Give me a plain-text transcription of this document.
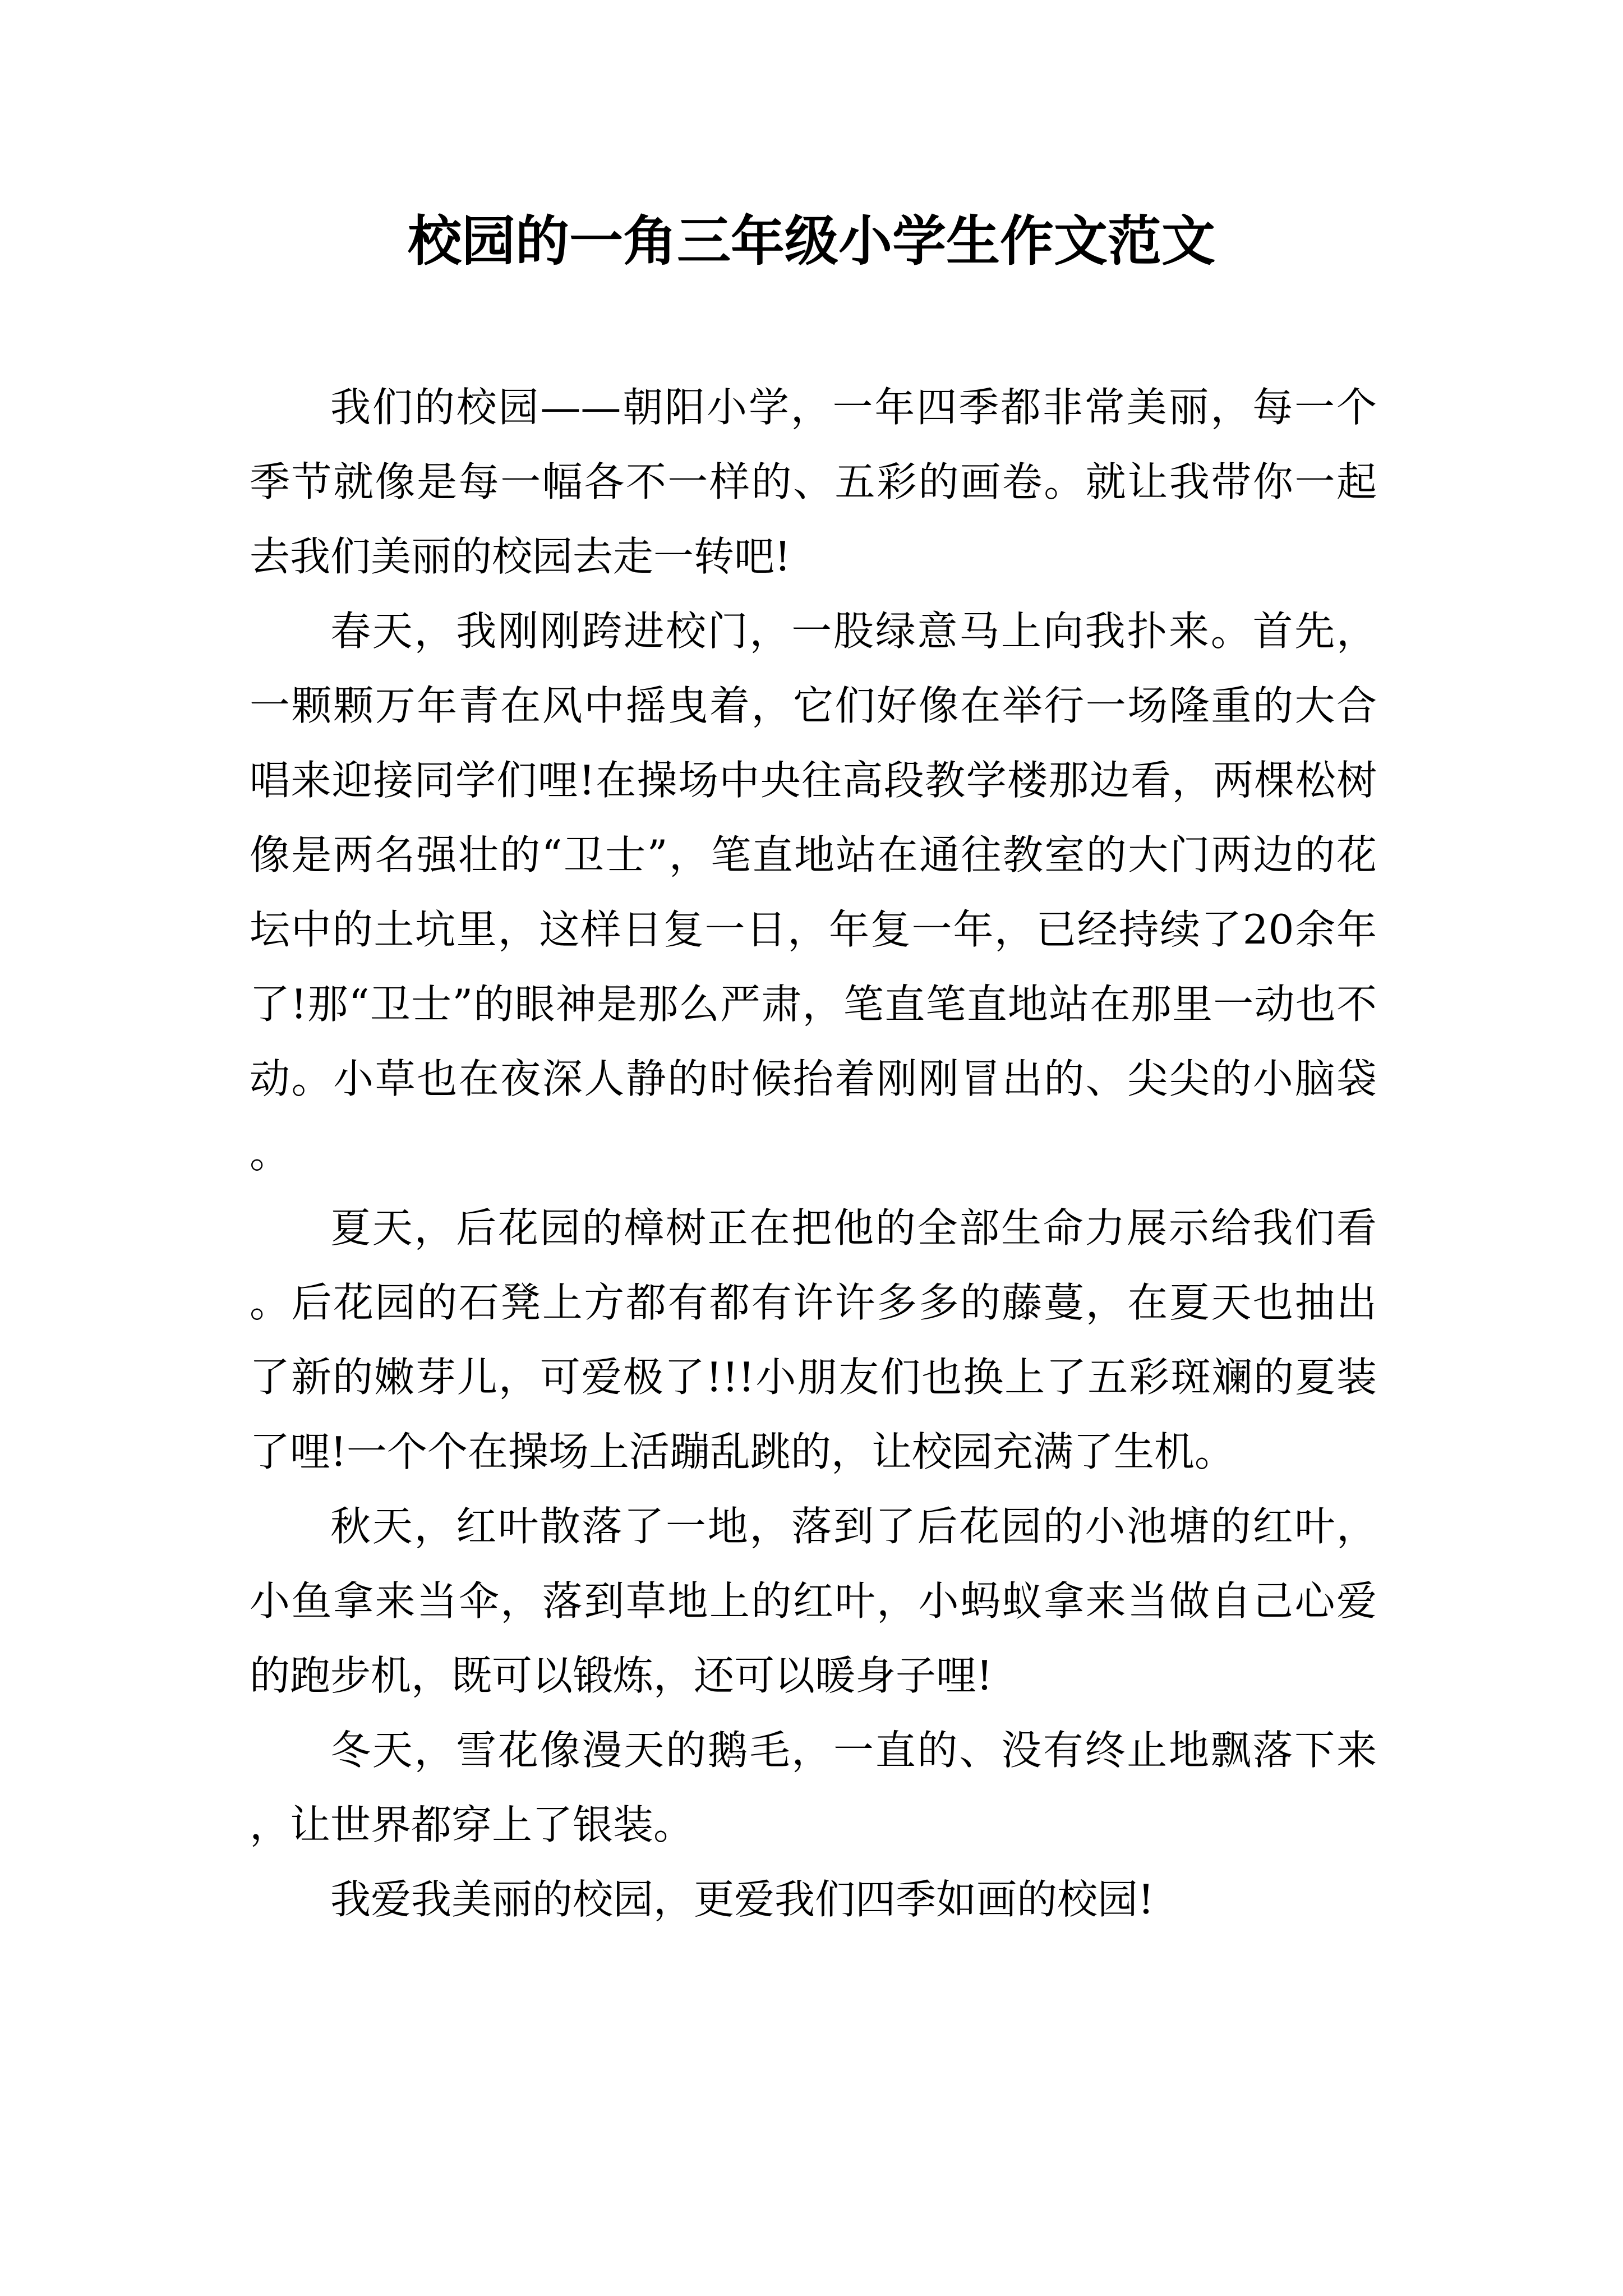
校园的一角三年级小学生作文范文

我们的校园——朝阳小学，一年四季都非常美丽，每一个季节就像是每一幅各不一样的、五彩的画卷。就让我带你一起去我们美丽的校园去走一转吧!

春天，我刚刚跨进校门，一股绿意马上向我扑来。首先，一颗颗万年青在风中摇曳着，它们好像在举行一场隆重的大合唱来迎接同学们哩!在操场中央往高段教学楼那边看，两棵松树像是两名强壮的“卫士”，笔直地站在通往教室的大门两边的花坛中的土坑里，这样日复一日，年复一年，已经持续了20余年了!那“卫士”的眼神是那么严肃，笔直笔直地站在那里一动也不动。小草也在夜深人静的时候抬着刚刚冒出的、尖尖的小脑袋。

夏天，后花园的樟树正在把他的全部生命力展示给我们看。后花园的石凳上方都有都有许许多多的藤蔓，在夏天也抽出了新的嫩芽儿，可爱极了!!!小朋友们也换上了五彩斑斓的夏装了哩!一个个在操场上活蹦乱跳的，让校园充满了生机。

秋天，红叶散落了一地，落到了后花园的小池塘的红叶，小鱼拿来当伞，落到草地上的红叶，小蚂蚁拿来当做自己心爱的跑步机，既可以锻炼，还可以暖身子哩!

冬天，雪花像漫天的鹅毛，一直的、没有终止地飘落下来，让世界都穿上了银装。

我爱我美丽的校园，更爱我们四季如画的校园!
